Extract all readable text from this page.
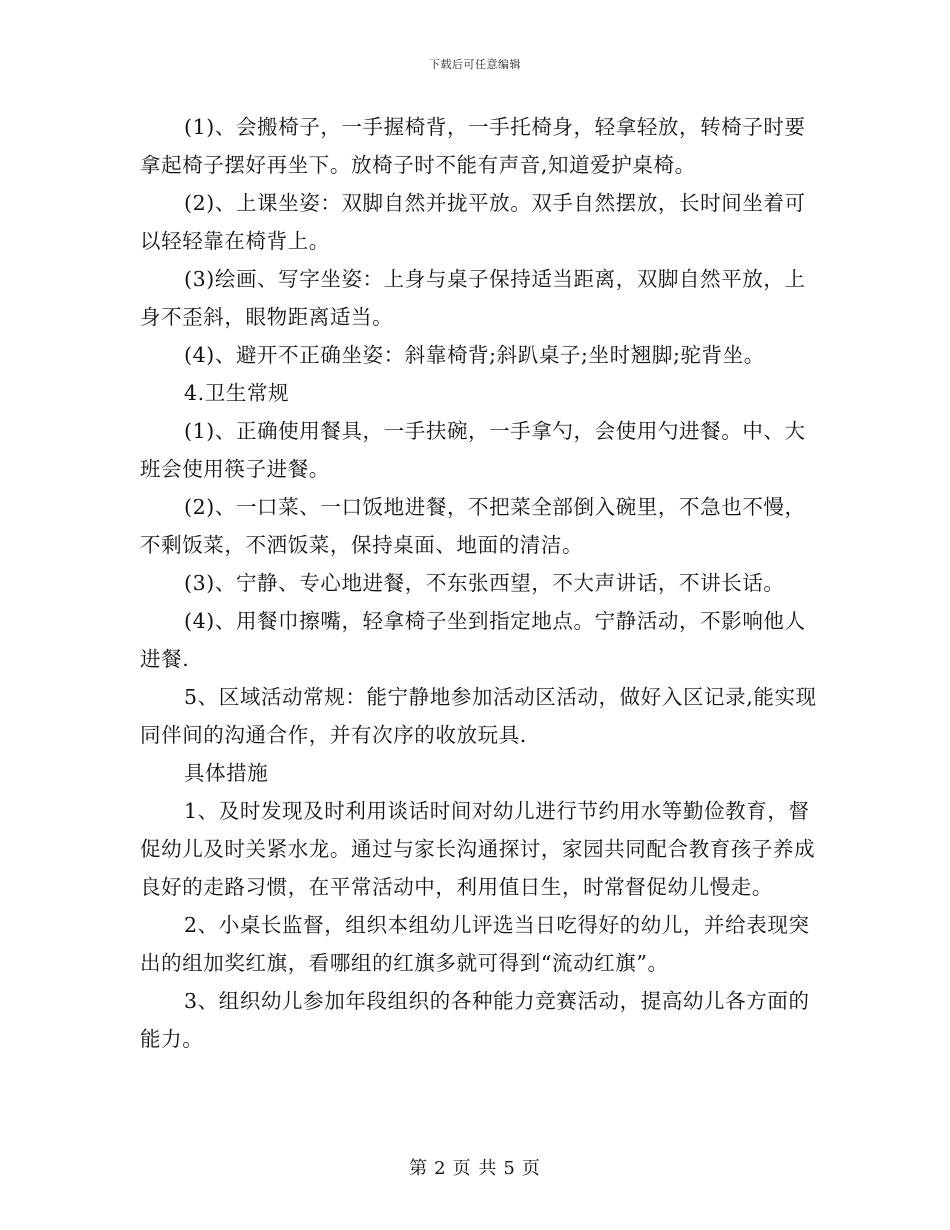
下载后可任意编辑

(1)、会搬椅子，一手握椅背，一手托椅身，轻拿轻放，转椅子时要拿起椅子摆好再坐下。放椅子时不能有声音,知道爱护桌椅。

(2)、上课坐姿：双脚自然并拢平放。双手自然摆放，长时间坐着可以轻轻靠在椅背上。

(3)绘画、写字坐姿：上身与桌子保持适当距离，双脚自然平放，上身不歪斜，眼物距离适当。

(4)、避开不正确坐姿：斜靠椅背;斜趴桌子;坐时翘脚;驼背坐。

4.卫生常规

(1)、正确使用餐具，一手扶碗，一手拿勺，会使用勺进餐。中、大班会使用筷子进餐。

(2)、一口菜、一口饭地进餐，不把菜全部倒入碗里，不急也不慢，不剩饭菜，不洒饭菜，保持桌面、地面的清洁。

(3)、宁静、专心地进餐，不东张西望，不大声讲话，不讲长话。

(4)、用餐巾擦嘴，轻拿椅子坐到指定地点。宁静活动，不影响他人进餐.

5、区域活动常规：能宁静地参加活动区活动，做好入区记录,能实现同伴间的沟通合作，并有次序的收放玩具.

具体措施

1、及时发现及时利用谈话时间对幼儿进行节约用水等勤俭教育，督促幼儿及时关紧水龙。通过与家长沟通探讨，家园共同配合教育孩子养成良好的走路习惯，在平常活动中，利用值日生，时常督促幼儿慢走。

2、小桌长监督，组织本组幼儿评选当日吃得好的幼儿，并给表现突出的组加奖红旗，看哪组的红旗多就可得到“流动红旗”。

3、组织幼儿参加年段组织的各种能力竞赛活动，提高幼儿各方面的能力。

第 2 页 共 5 页
